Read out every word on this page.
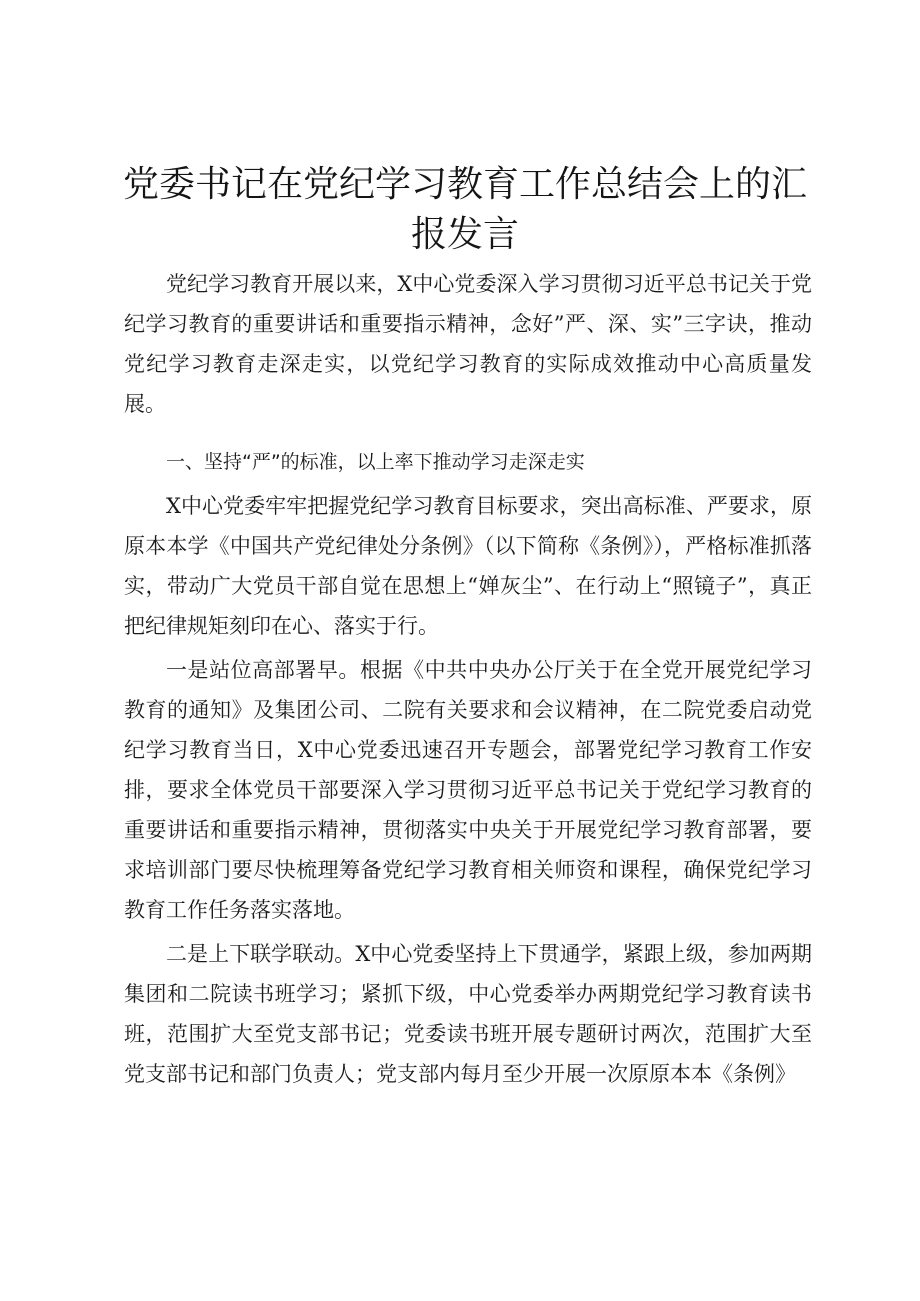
党委书记在党纪学习教育工作总结会上的汇报发言

党纪学习教育开展以来，X中心党委深入学习贯彻习近平总书记关于党纪学习教育的重要讲话和重要指示精神，念好”严、深、实”三字诀，推动党纪学习教育走深走实，以党纪学习教育的实际成效推动中心高质量发展。

一、坚持“严”的标准，以上率下推动学习走深走实

X中心党委牢牢把握党纪学习教育目标要求，突出高标准、严要求，原原本本学《中国共产党纪律处分条例》（以下简称《条例》），严格标准抓落实，带动广大党员干部自觉在思想上“婵灰尘”、在行动上“照镜子”，真正把纪律规矩刻印在心、落实于行。

一是站位高部署早。根据《中共中央办公厅关于在全党开展党纪学习教育的通知》及集团公司、二院有关要求和会议精神，在二院党委启动党纪学习教育当日，X中心党委迅速召开专题会，部署党纪学习教育工作安排，要求全体党员干部要深入学习贯彻习近平总书记关于党纪学习教育的重要讲话和重要指示精神，贯彻落实中央关于开展党纪学习教育部署，要求培训部门要尽快梳理筹备党纪学习教育相关师资和课程，确保党纪学习教育工作任务落实落地。

二是上下联学联动。X中心党委坚持上下贯通学，紧跟上级，参加两期集团和二院读书班学习；紧抓下级，中心党委举办两期党纪学习教育读书班，范围扩大至党支部书记；党委读书班开展专题研讨两次，范围扩大至党支部书记和部门负责人；党支部内每月至少开展一次原原本本《条例》
